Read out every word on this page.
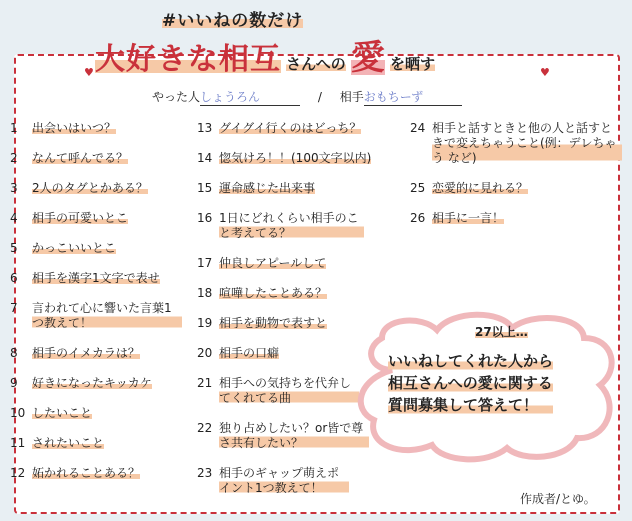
#いいねの数だけ
大好きな相互 さんへの 愛 を晒す
♥	♥
やった人しょうろん	/ 相手おもちーず
1 出会いはいつ？
2 なんて呼んでる？
3 2人のタグとかある？
4 相手の可愛いとこ
5 かっこいいとこ
6 相手を漢字1文字で表せ
7 言われて心に響いた言葉1つ教えて！
8 相手のイメカラは？
9 好きになったキッカケ
10 したいこと
11 されたいこと
12 妬かれることある？
13 グイグイ行くのはどっち？
14 惚気けろ！！(100文字以内)
15 運命感じた出来事
16 1日にどれくらい相手のこと考えてる？
17 仲良しアピールして
18 喧嘩したことある？
19 相手を動物で表すと
20 相手の口癖
21 相手への気持ちを代弁してくれてる曲
22 独り占めしたい？or皆で尊さ共有したい？
23 相手のギャップ萌えポイント1つ教えて！
24 相手と話すときと他の人と話すときで変えちゃうこと(例：デレちゃう など)
25 恋愛的に見れる？
26 相手に一言！
27以上…
いいねしてくれた人から
相互さんへの愛に関する
質問募集して答えて！
作成者/とゆ。
